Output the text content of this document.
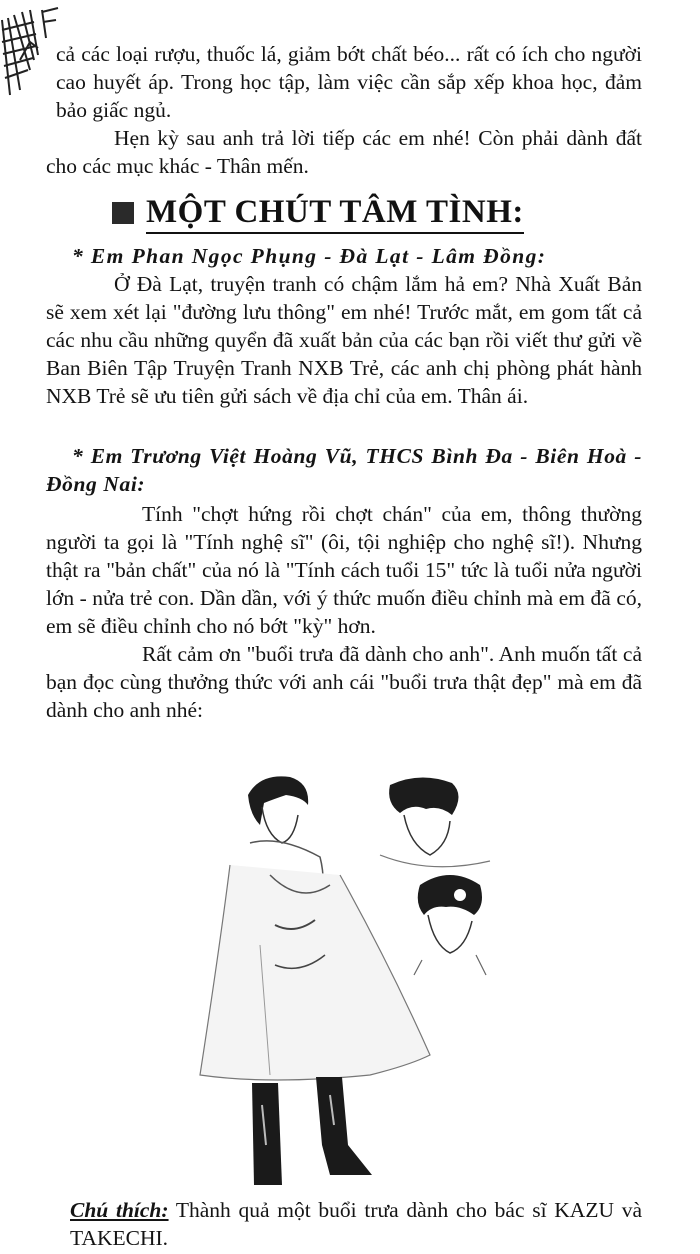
cả các loại rượu, thuốc lá, giảm bớt chất béo... rất có ích cho người cao huyết áp. Trong học tập, làm việc cần sắp xếp khoa học, đảm bảo giấc ngủ.

Hẹn kỳ sau anh trả lời tiếp các em nhé! Còn phải dành đất cho các mục khác - Thân mến.

MỘT CHÚT TÂM TÌNH:
* Em Phan Ngọc Phụng - Đà Lạt - Lâm Đồng:

Ở Đà Lạt, truyện tranh có chậm lắm hả em? Nhà Xuất Bản sẽ xem xét lại "đường lưu thông" em nhé! Trước mắt, em gom tất cả các nhu cầu những quyển đã xuất bản của các bạn rồi viết thư gửi về Ban Biên Tập Truyện Tranh NXB Trẻ, các anh chị phòng phát hành NXB Trẻ sẽ ưu tiên gửi sách về địa chỉ của em. Thân ái.

* Em Trương Việt Hoàng Vũ, THCS Bình Đa - Biên Hoà - Đồng Nai:

Tính "chợt hứng rồi chợt chán" của em, thông thường người ta gọi là "Tính nghệ sĩ" (ôi, tội nghiệp cho nghệ sĩ!). Nhưng thật ra "bản chất" của nó là "Tính cách tuổi 15" tức là tuổi nửa người lớn - nửa trẻ con. Dần dần, với ý thức muốn điều chỉnh mà em đã có, em sẽ điều chỉnh cho nó bớt "kỳ" hơn.

Rất cảm ơn "buổi trưa đã dành cho anh". Anh muốn tất cả bạn đọc cùng thưởng thức với anh cái "buổi trưa thật đẹp" mà em đã dành cho anh nhé:

Chú thích: Thành quả một buổi trưa dành cho bác sĩ KAZU và TAKECHI.
